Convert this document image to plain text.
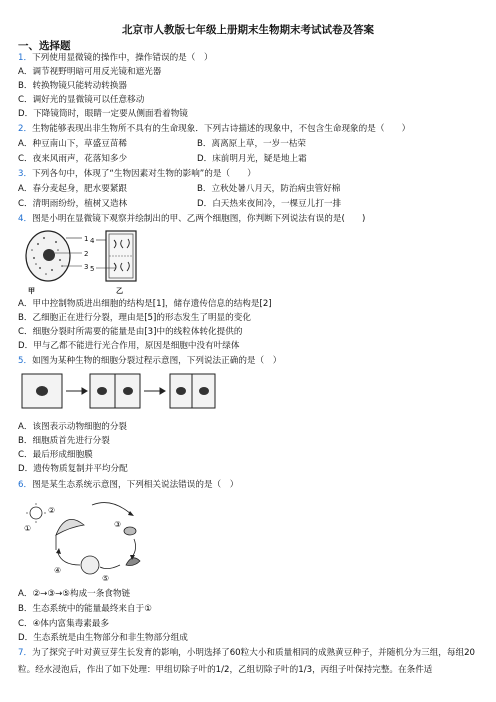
北京市人教版七年级上册期末生物期末考试试卷及答案
一、选择题
1．下列使用显微镜的操作中，操作错误的是（　）
A．调节视野明暗可用反光镜和遮光器
B．转换物镜只能转动转换器
C．调好光的显微镜可以任意移动
D．下降镜筒时，眼睛一定要从侧面看着物镜
2．生物能够表现出非生物所不具有的生命现象．下列古诗描述的现象中，不包含生命现象的是（　　）
A．种豆南山下，草盛豆苗稀	B．离离原上草，一岁一枯荣
C．夜来风雨声，花落知多少	D．床前明月光，疑是地上霜
3．下列各句中，体现了“生物因素对生物的影响”的是（　　）
A．春分麦起身，肥水要紧跟	B．立秋处暑八月天，防治病虫管好棉
C．清明雨纷纷，植树又造林	D．白天热来夜间冷，一棵豆儿打一排
4．图是小明在显微镜下观察并绘制出的甲、乙两个细胞图，你判断下列说法有误的是(　　)
1
2
3
4
5
甲	乙
A．甲中控制物质进出细胞的结构是[1]，储存遗传信息的结构是[2]
B．乙细胞正在进行分裂，理由是[5]的形态发生了明显的变化
C．细胞分裂时所需要的能量是由[3]中的线粒体转化提供的
D．甲与乙都不能进行光合作用，原因是细胞中没有叶绿体
5．如图为某种生物的细胞分裂过程示意图，下列说法正确的是（　）
A．该图表示动物细胞的分裂
B．细胞质首先进行分裂
C．最后形成细胞膜
D．遗传物质复制并平均分配
6．图是某生态系统示意图，下列相关说法错误的是（　）
①
②
③
④
⑤
A．②→③→⑤构成一条食物链
B．生态系统中的能量最终来自于①
C．④体内富集毒素最多
D．生态系统是由生物部分和非生物部分组成
7．为了探究子叶对黄豆芽生长发育的影响，小明选择了60粒大小和质量相同的成熟黄豆种子，并随机分为三组，每组20粒。经水浸泡后，作出了如下处理：甲组切除子叶的1/2，乙组切除子叶的1/3，丙组子叶保持完整。在条件适
